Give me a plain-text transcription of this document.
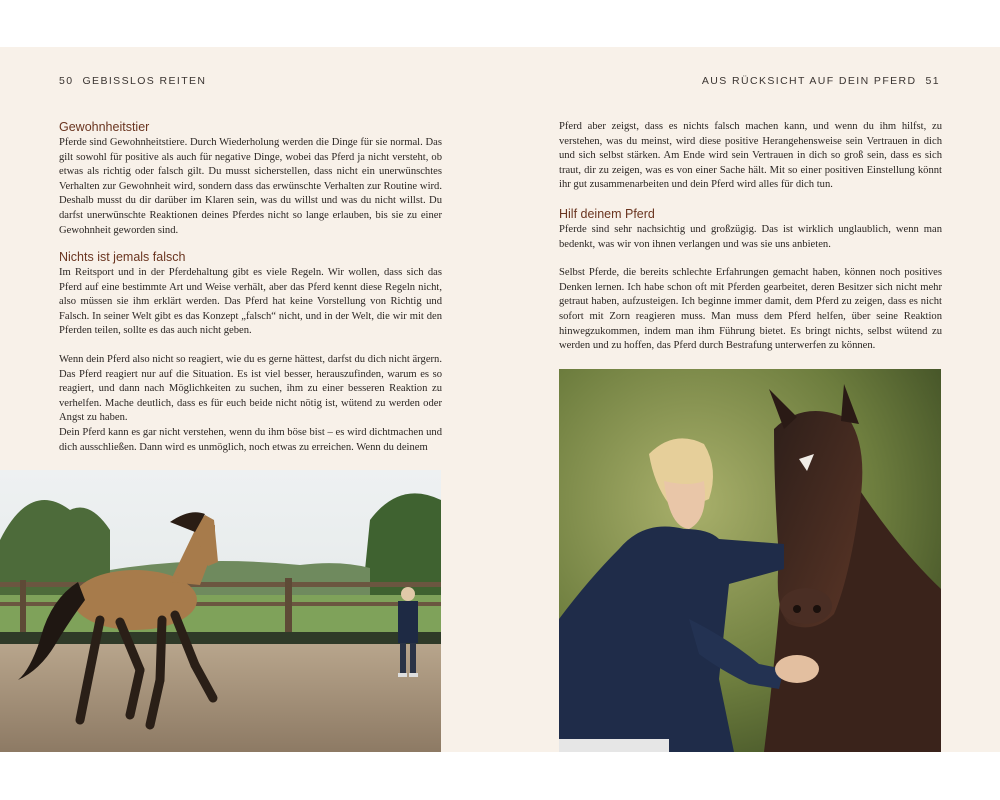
50 GEBISSLOS REITEN
Gewohnheitstier

Pferde sind Gewohnheitstiere. Durch Wiederholung werden die Dinge für sie normal. Das gilt sowohl für positive als auch für negative Dinge, wobei das Pferd ja nicht versteht, ob etwas als richtig oder falsch gilt. Du musst sicherstellen, dass nicht ein unerwünschtes Verhalten zur Gewohnheit wird, sondern dass das erwünschte Verhalten zur Routine wird. Deshalb musst du dir darüber im Klaren sein, was du willst und was du nicht willst. Du darfst unerwünschte Reaktionen deines Pferdes nicht so lange erlauben, bis sie zu einer Gewohnheit geworden sind.

Nichts ist jemals falsch

Im Reitsport und in der Pferdehaltung gibt es viele Regeln. Wir wollen, dass sich das Pferd auf eine bestimmte Art und Weise verhält, aber das Pferd kennt diese Regeln nicht, also müssen sie ihm erklärt werden. Das Pferd hat keine Vorstellung von Richtig und Falsch. In seiner Welt gibt es das Konzept „falsch“ nicht, und in der Welt, die wir mit den Pferden teilen, sollte es das auch nicht geben.

Wenn dein Pferd also nicht so reagiert, wie du es gerne hättest, darfst du dich nicht ärgern. Das Pferd reagiert nur auf die Situation. Es ist viel besser, herauszufinden, warum es so reagiert, und dann nach Möglichkeiten zu suchen, ihm zu einer besseren Reaktion zu verhelfen. Mache deutlich, dass es für euch beide nicht nötig ist, wütend zu werden oder Angst zu haben.

Dein Pferd kann es gar nicht verstehen, wenn du ihm böse bist – es wird dichtmachen und dich ausschließen. Dann wird es unmöglich, noch etwas zu erreichen. Wenn du deinem

AUS RÜCKSICHT AUF DEIN PFERD 51

Pferd aber zeigst, dass es nichts falsch machen kann, und wenn du ihm hilfst, zu verstehen, was du meinst, wird diese positive Herangehensweise sein Vertrauen in dich und sich selbst stärken. Am Ende wird sein Vertrauen in dich so groß sein, dass es sich traut, dir zu zeigen, was es von einer Sache hält. Mit so einer positiven Einstellung könnt ihr gut zusammenarbeiten und dein Pferd wird alles für dich tun.

Hilf deinem Pferd

Pferde sind sehr nachsichtig und großzügig. Das ist wirklich unglaublich, wenn man bedenkt, was wir von ihnen verlangen und was sie uns anbieten.

Selbst Pferde, die bereits schlechte Erfahrungen gemacht haben, können noch positives Denken lernen. Ich habe schon oft mit Pferden gearbeitet, deren Besitzer sich nicht mehr getraut haben, aufzusteigen. Ich beginne immer damit, dem Pferd zu zeigen, dass es nicht sofort mit Zorn reagieren muss. Man muss dem Pferd helfen, über seine Reaktion hinwegzukommen, indem man ihm Führung bietet. Es bringt nichts, selbst wütend zu werden und zu hoffen, das Pferd durch Bestrafung unterwerfen zu können.
